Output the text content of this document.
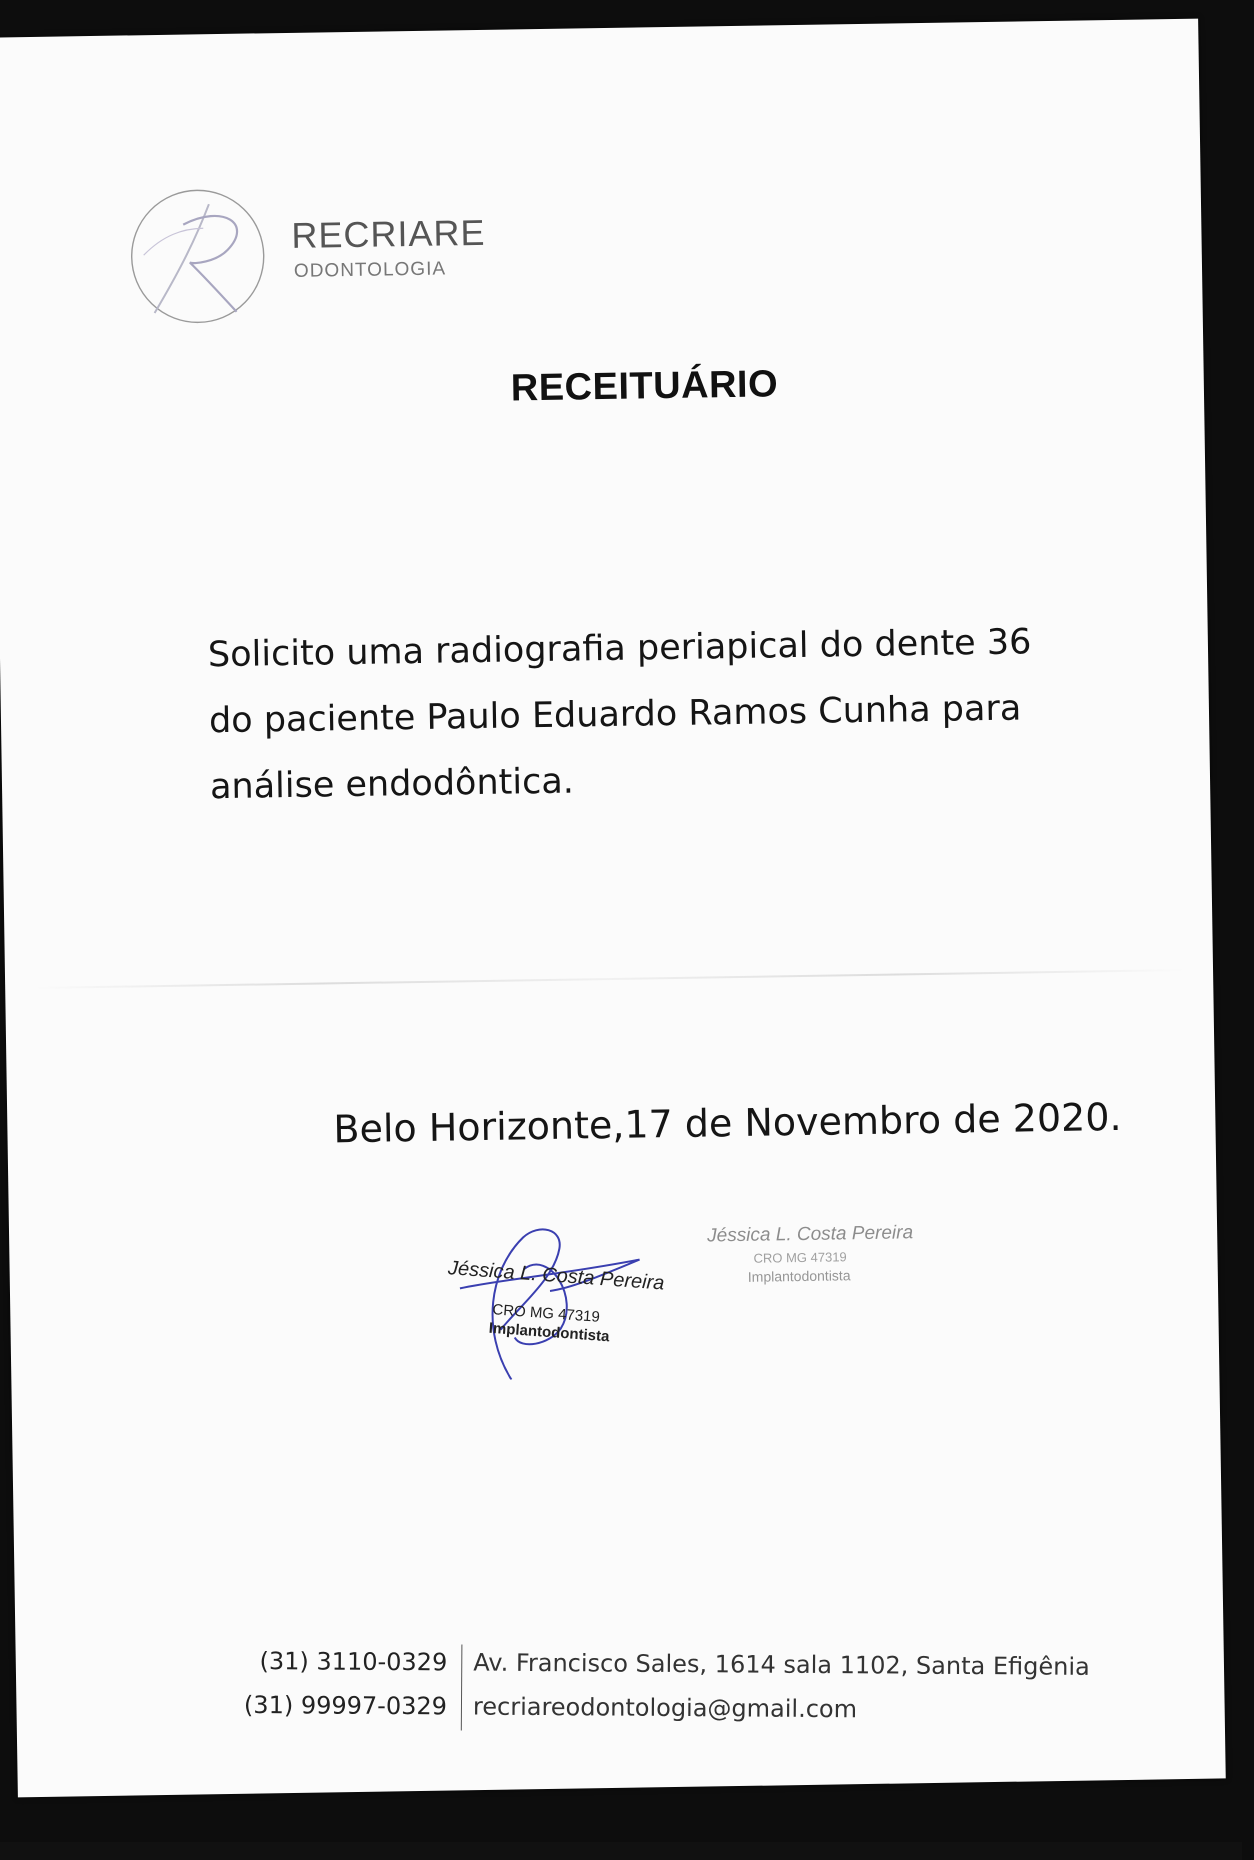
RECRIARE
ODONTOLOGIA
RECEITUÁRIO
Solicito uma radiografia periapical do dente 36
do paciente Paulo Eduardo Ramos Cunha para
análise endodôntica.
Belo Horizonte,17 de Novembro de 2020.
Jéssica L. Costa Pereira
CRO MG 47319
Implantodontista
Jéssica L. Costa Pereira
CRO MG 47319
Implantodontista
(31) 3110-0329
(31) 99997-0329
Av. Francisco Sales, 1614 sala 1102, Santa Efigênia
recriareodontologia@gmail.com
